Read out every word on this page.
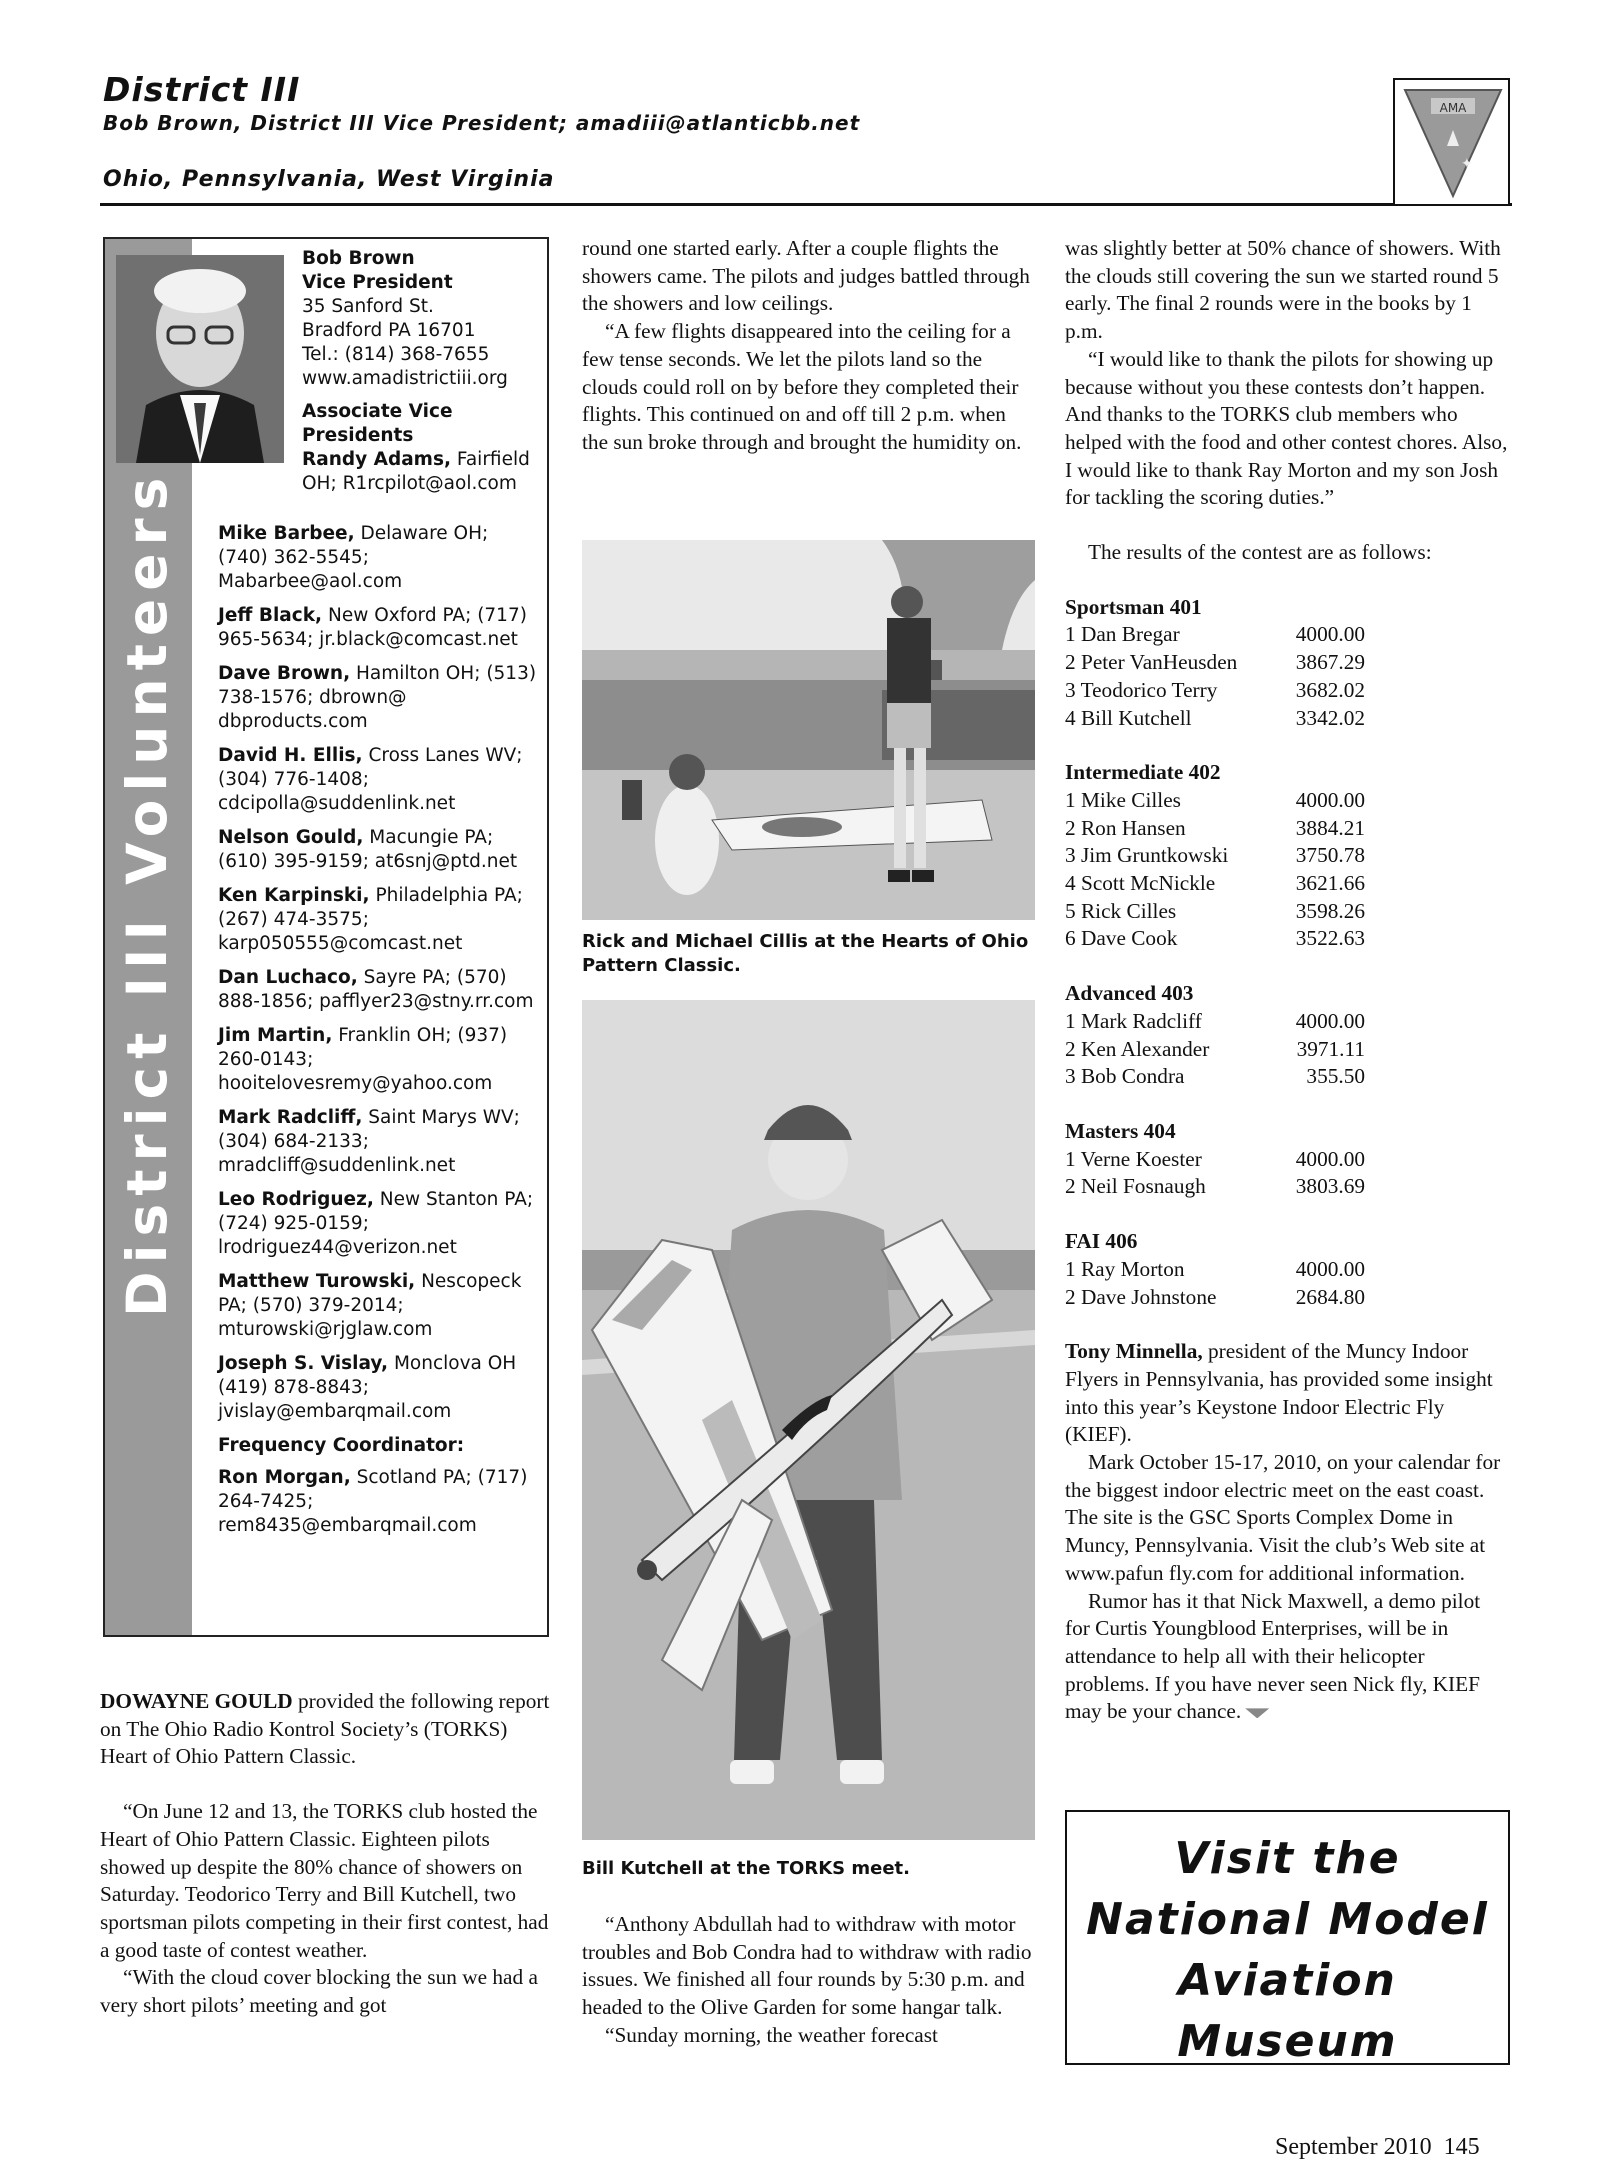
District III
Bob Brown, District III Vice President; amadiii@atlanticbb.net
Ohio, Pennsylvania, West Virginia
AMA
✦
District III Volunteers
Bob Brown
Vice President
35 Sanford St.
Bradford PA 16701
Tel.: (814) 368-7655
www.amadistrictiii.org
Associate Vice Presidents
Randy Adams, Fairfield OH; R1rcpilot@aol.com
Mike Barbee, Delaware OH; (740) 362-5545; Mabarbee@aol.com
Jeff Black, New Oxford PA; (717) 965-5634; jr.black@comcast.net
Dave Brown, Hamilton OH; (513) 738-1576; dbrown@ dbproducts.com
David H. Ellis, Cross Lanes WV; (304) 776-1408; cdcipolla@suddenlink.net
Nelson Gould, Macungie PA; (610) 395-9159; at6snj@ptd.net
Ken Karpinski, Philadelphia PA; (267) 474-3575; karp050555@comcast.net
Dan Luchaco, Sayre PA; (570) 888-1856; pafflyer23@stny.rr.com
Jim Martin, Franklin OH; (937) 260-0143; hooitelovesremy@yahoo.com
Mark Radcliff, Saint Marys WV; (304) 684-2133; mradcliff@suddenlink.net
Leo Rodriguez, New Stanton PA; (724) 925-0159; lrodriguez44@verizon.net
Matthew Turowski, Nescopeck PA; (570) 379-2014; mturowski@rjglaw.com
Joseph S. Vislay, Monclova OH (419) 878-8843; jvislay@embarqmail.com
Frequency Coordinator:
Ron Morgan, Scotland PA; (717) 264-7425; rem8435@embarqmail.com

DOWAYNE GOULD provided the following report on The Ohio Radio Kontrol Society’s (TORKS) Heart of Ohio Pattern Classic.

“On June 12 and 13, the TORKS club hosted the Heart of Ohio Pattern Classic. Eighteen pilots showed up despite the 80% chance of showers on Saturday. Teodorico Terry and Bill Kutchell, two sportsman pilots competing in their first contest, had a good taste of contest weather.

“With the cloud cover blocking the sun we had a very short pilots’ meeting and got

round one started early. After a couple flights the showers came. The pilots and judges battled through the showers and low ceilings.

“A few flights disappeared into the ceiling for a few tense seconds. We let the pilots land so the clouds could roll on by before they completed their flights. This continued on and off till 2 p.m. when the sun broke through and brought the humidity on.

Rick and Michael Cillis at the Hearts of Ohio Pattern Classic.
Bill Kutchell at the TORKS meet.

“Anthony Abdullah had to withdraw with motor troubles and Bob Condra had to withdraw with radio issues. We finished all four rounds by 5:30 p.m. and headed to the Olive Garden for some hangar talk.

“Sunday morning, the weather forecast

was slightly better at 50% chance of showers. With the clouds still covering the sun we started round 5 early. The final 2 rounds were in the books by 1 p.m.

“I would like to thank the pilots for showing up because without you these contests don’t happen. And thanks to the TORKS club members who helped with the food and other contest chores. Also, I would like to thank Ray Morton and my son Josh for tackling the scoring duties.”

The results of the contest are as follows:

Sportsman 401
1 Dan Bregar	4000.00
2 Peter VanHeusden	3867.29
3 Teodorico Terry	3682.02
4 Bill Kutchell	3342.02
Intermediate 402
1 Mike Cilles	4000.00
2 Ron Hansen	3884.21
3 Jim Gruntkowski	3750.78
4 Scott McNickle	3621.66
5 Rick Cilles	3598.26
6 Dave Cook	3522.63
Advanced 403
1 Mark Radcliff	4000.00
2 Ken Alexander	3971.11
3 Bob Condra	355.50
Masters 404
1 Verne Koester	4000.00
2 Neil Fosnaugh	3803.69
FAI 406
1 Ray Morton	4000.00
2 Dave Johnstone	2684.80

Tony Minnella, president of the Muncy Indoor Flyers in Pennsylvania, has provided some insight into this year’s Keystone Indoor Electric Fly (KIEF).

Mark October 15-17, 2010, on your calendar for the biggest indoor electric meet on the east coast. The site is the GSC Sports Complex Dome in Muncy, Pennsylvania. Visit the club’s Web site at www.pafun fly.com for additional information.

Rumor has it that Nick Maxwell, a demo pilot for Curtis Youngblood Enterprises, will be in attendance to help all with their helicopter problems. If you have never seen Nick fly, KIEF may be your chance.

Visit the
National Model
Aviation
Museum
September 2010 145
